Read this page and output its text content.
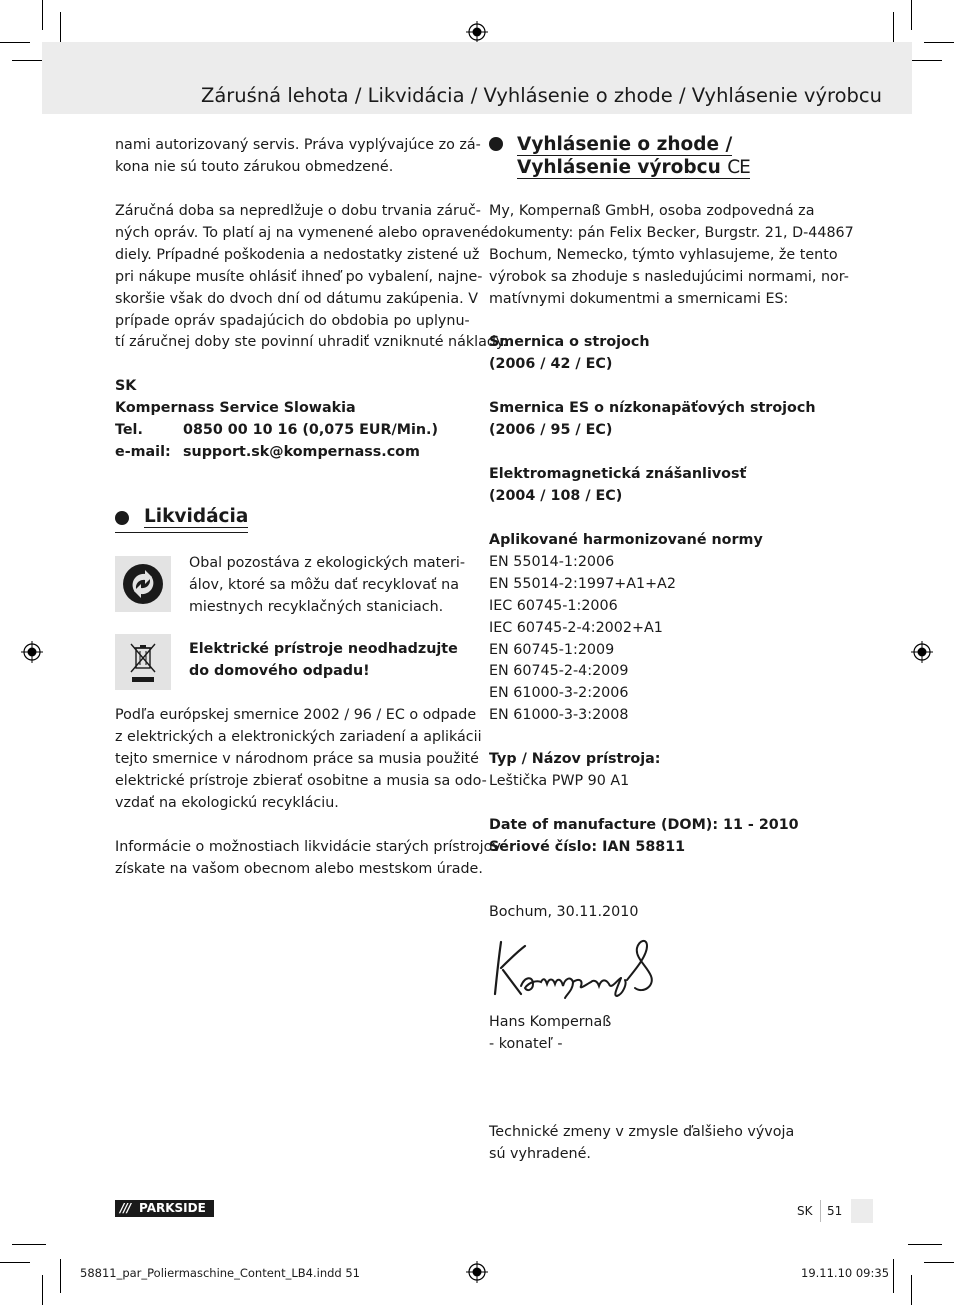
Záruśná lehota / Likvidácia / Vyhlásenie o zhode / Vyhlásenie výrobcu
nami autorizovaný servis. Práva vyplývajúce zo zá-
kona nie sú touto zárukou obmedzené.
Záručná doba sa nepredlžuje o dobu trvania záruč-
ných opráv. To platí aj na vymenené alebo opravené
diely. Prípadné poškodenia a nedostatky zistené už
pri nákupe musíte ohlásiť ihneď po vybalení, najne-
skoršie však do dvoch dní od dátumu zakúpenia. V
prípade opráv spadajúcich do obdobia po uplynu-
tí záručnej doby ste povinní uhradiť vzniknuté náklady.
SK
Kompernass Service Slowakia
Tel.	0850 00 10 16 (0,075 EUR/Min.)
e-mail: support.sk@kompernass.com
Likvidácia
Obal pozostáva z ekologických materi-
álov, ktoré sa môžu dať recyklovať na
miestnych recyklačných staniciach.
Elektrické prístroje neodhadzujte
do domového odpadu!
Podľa európskej smernice 2002 / 96 / EC o odpade
z elektrických a elektronických zariadení a aplikácii
tejto smernice v národnom práce sa musia použité
elektrické prístroje zbierať osobitne a musia sa odo-
vzdať na ekologickú recykláciu.
Informácie o možnostiach likvidácie starých prístrojov
získate na vašom obecnom alebo mestskom úrade.
Vyhlásenie o zhode /
Vyhlásenie výrobcu CE
My, Kompernaß GmbH, osoba zodpovedná za
dokumenty: pán Felix Becker, Burgstr. 21, D-44867
Bochum, Nemecko, týmto vyhlasujeme, že tento
výrobok sa zhoduje s nasledujúcimi normami, nor-
matívnymi dokumentmi a smernicami ES:
Smernica o strojoch
(2006 / 42 / EC)
Smernica ES o nízkonapäťových strojoch
(2006 / 95 / EC)
Elektromagnetická znášanlivosť
(2004 / 108 / EC)
Aplikované harmonizované normy
EN 55014-1:2006
EN 55014-2:1997+A1+A2
IEC 60745-1:2006
IEC 60745-2-4:2002+A1
EN 60745-1:2009
EN 60745-2-4:2009
EN 61000-3-2:2006
EN 61000-3-3:2008
Typ / Názov prístroja:
Leštička PWP 90 A1
Date of manufacture (DOM): 11 - 2010
Sériové číslo: IAN 58811
Bochum, 30.11.2010
Hans Kompernaß
- konateľ -
Technické zmeny v zmysle ďalšieho vývoja
sú vyhradené.
/// PARKSIDE	SK 51
58811_par_Poliermaschine_Content_LB4.indd 51	19.11.10 09:35
